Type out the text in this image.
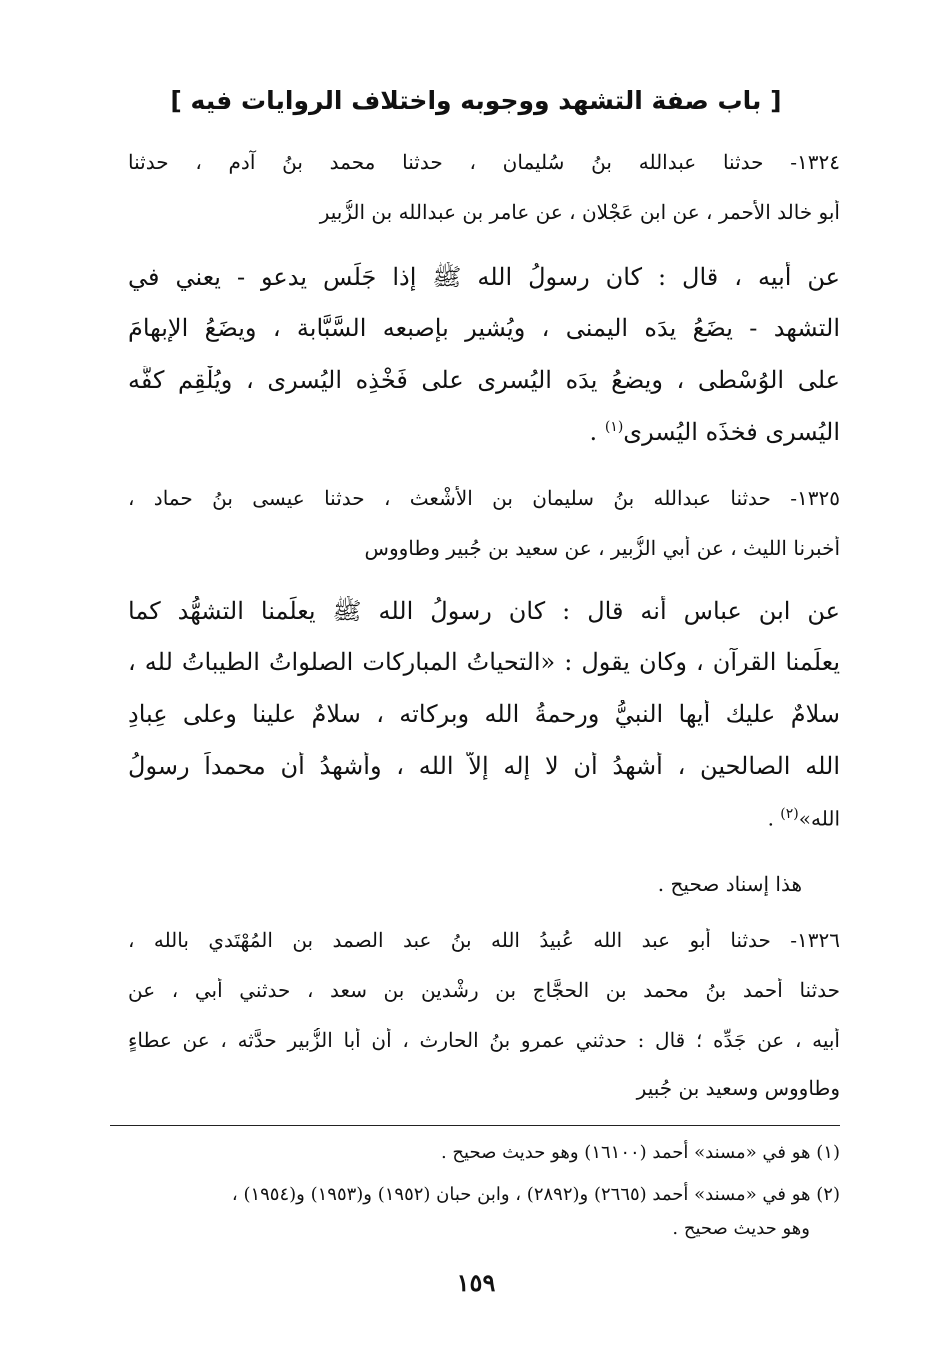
[ باب صفة التشهد ووجوبه واختلاف الروايات فيه ]
١٣٢٤- حدثنا عبدالله بنُ سُليمان ، حدثنا محمد بنُ آدم ، حدثنا
أبو خالد الأحمر ، عن ابن عَجْلان ، عن عامرِ بن عبدالله بن الزُّبير
عن أبيه ، قال : كان رسولُ الله ﷺ إذا جَلَس يدعو - يعني في
التشهد - يضَعُ يدَه اليمنى ، ويُشير بإصبعه السَّبَّابة ، ويضَعُ الإبهامَ
على الوُسْطى ، ويضعُ يدَه اليُسرى على فَخْذِه اليُسرى ، ويُلْقِم كفَّه
اليُسرى فخذَه اليُسرى$^{(١)}$ .
١٣٢٥- حدثنا عبدالله بنُ سليمان بن الأشْعث ، حدثنا عيسى بنُ حماد ،
أخبرنا الليث ، عن أبي الزُّبير ، عن سعيد بن جُبير وطاووس
عن ابن عباس أنه قال : كان رسولُ الله ﷺ يعلِّمنا التشهُّد كما
يعلِّمنا القرآن ، وكان يقول : «التحياتُ المباركات الصلواتُ الطيباتُ لله ،
سلامٌ عليك أيها النبيُّ ورحمةُ الله وبركاته ، سلامٌ علينا وعلى عِبادِ
الله الصالحين ، أشهدُ أن لا إله إلاّ الله ، وأشهدُ أن محمداً رسولُ
الله»$^{(٢)}$ .
هذا إسناد صحيح .
١٣٢٦- حدثنا أبو عبد الله عُبيدُ الله بنُ عبد الصمد بن المُهْتَدي بالله ،
حدثنا أحمد بنُ محمد بن الحجَّاج بن رِشْدين بن سعد ، حدثني أبي ، عن
أبيه ، عن جَدِّه ؛ قال : حدثني عمرو بنُ الحارث ، أن أبا الزُّبير حدَّثه ، عن عطاءٍ
وطاووس وسعيد بن جُبير
(١) هو في «مسند» أحمد (١٦١٠٠) وهو حديث صحيح .
(٢) هو في «مسند» أحمد (٢٦٦٥) و(٢٨٩٢) ، وابن حبان (١٩٥٢) و(١٩٥٣) و(١٩٥٤) ،
وهو حديث صحيح .
١٥٩
